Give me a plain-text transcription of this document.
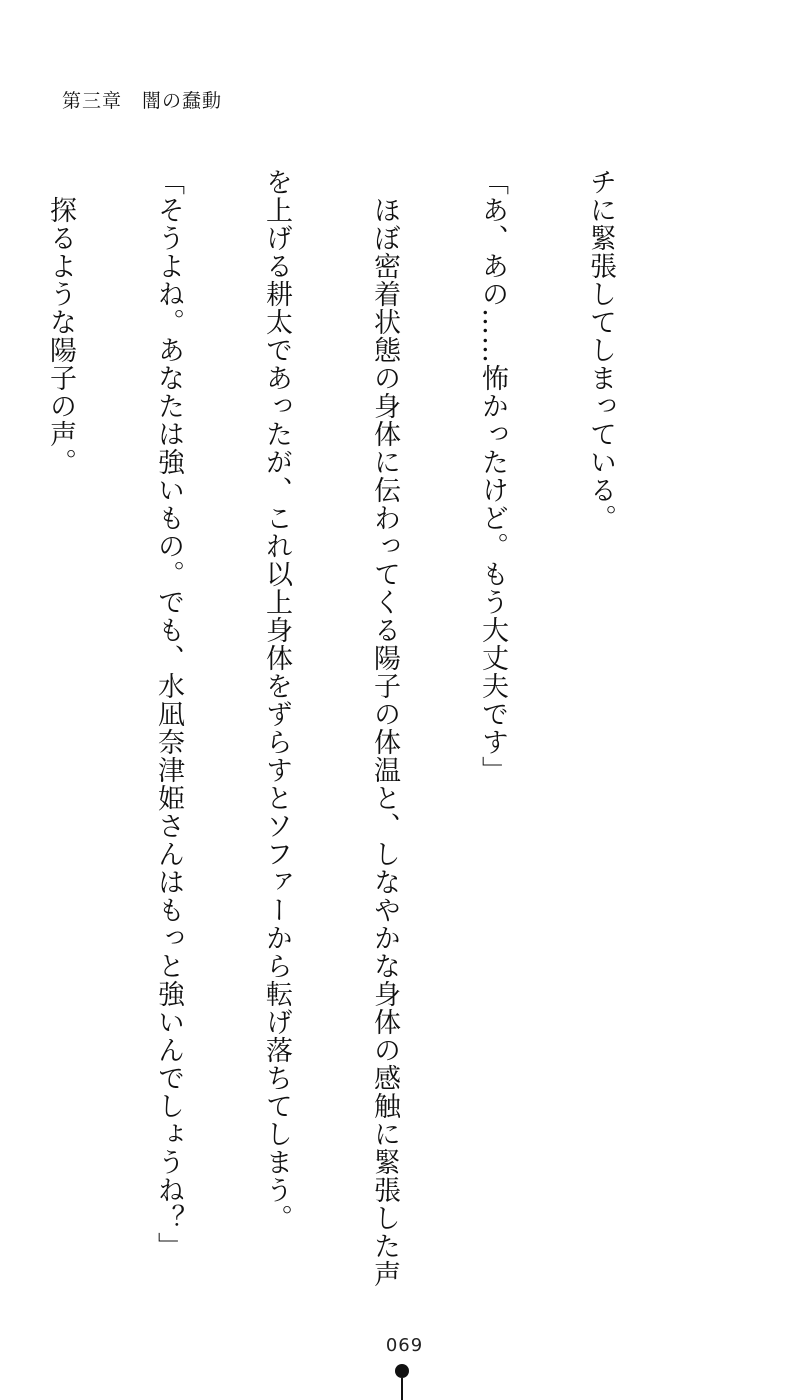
第三章　闇の蠢動

チに緊張してしまっている。

「あ、あの……怖かったけど。もう大丈夫です」

　ほぼ密着状態の身体に伝わってくる陽子の体温と、しなやかな身体の感触に緊張した声

を上げる耕太であったが、これ以上身体をずらすとソファーから転げ落ちてしまう。

「そうよね。あなたは強いもの。でも、水凪奈津姫さんはもっと強いんでしょうね？」

　探るような陽子の声。

069
